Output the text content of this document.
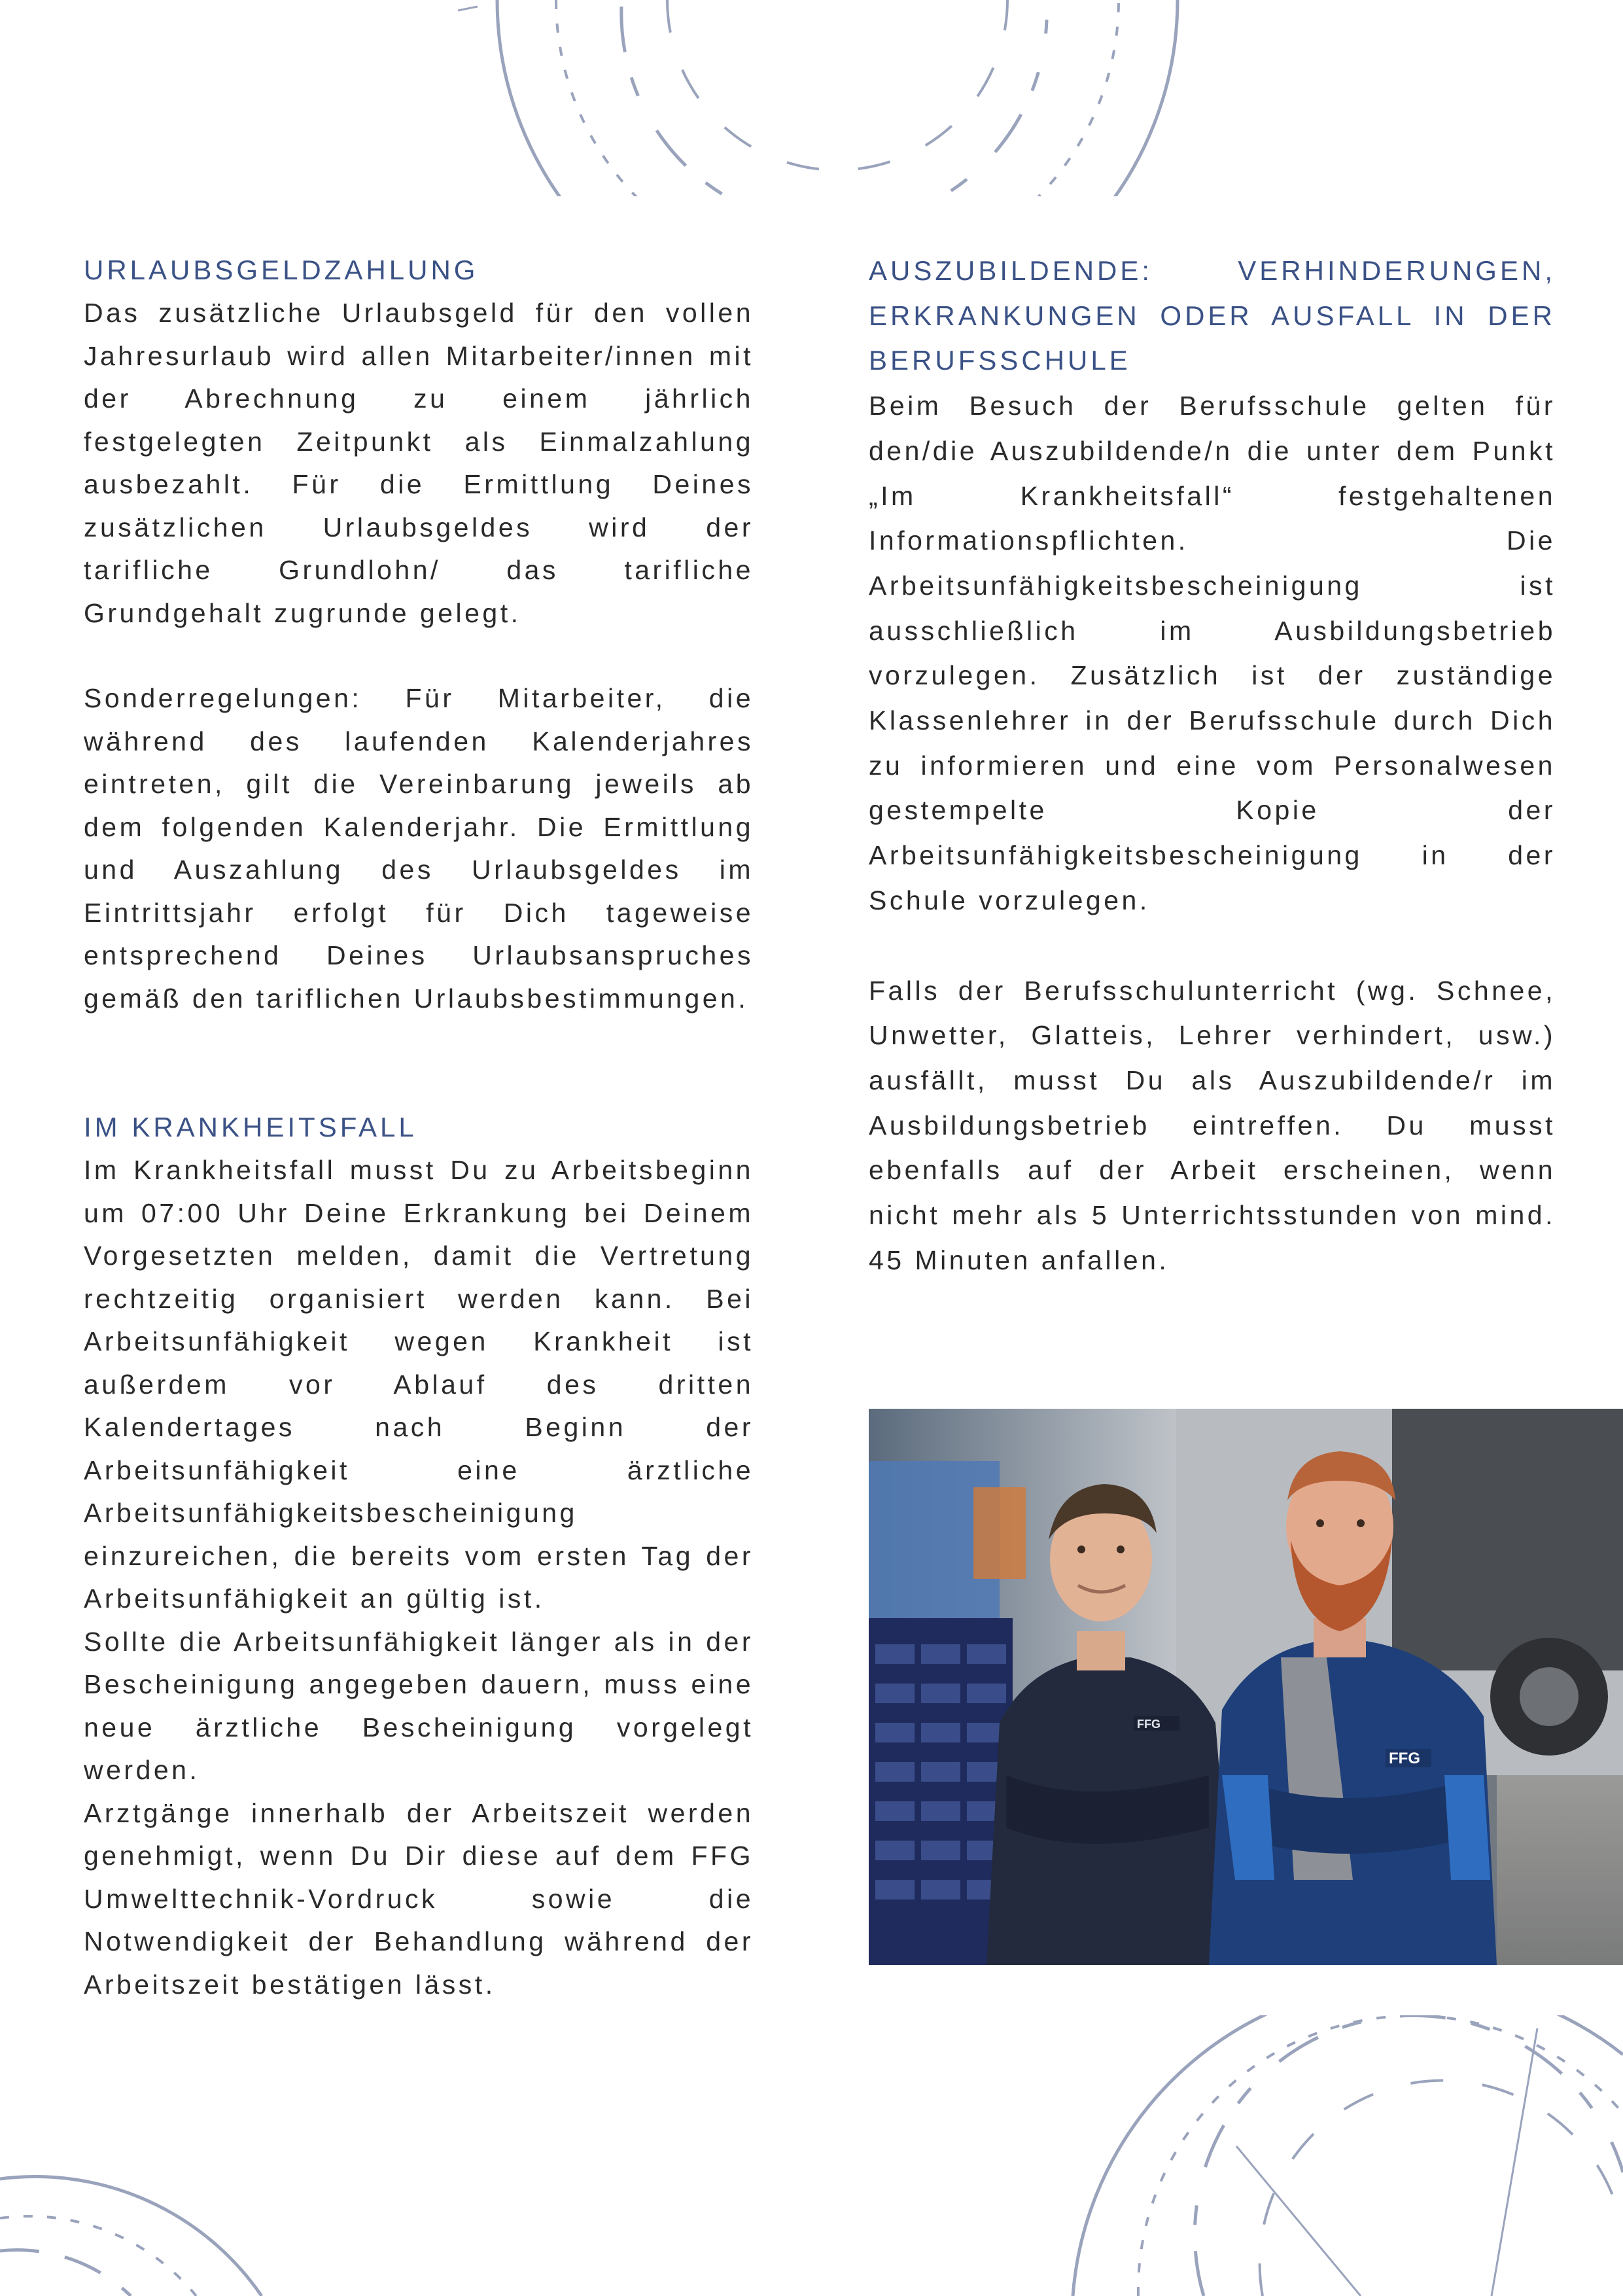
URLAUBSGELDZAHLUNG

Das zusätzliche Urlaubsgeld für den vollen Jahresurlaub wird allen Mitarbeiter/innen mit der Abrechnung zu einem jährlich festgelegten Zeitpunkt als Einmalzahlung ausbezahlt. Für die Ermittlung Deines zusätzlichen Urlaubsgeldes wird der tarifliche Grundlohn/ das tarifliche Grundgehalt zugrunde gelegt.

Sonderregelungen: Für Mitarbeiter, die während des laufenden Kalenderjahres eintreten, gilt die Vereinbarung jeweils ab dem folgenden Kalenderjahr. Die Ermittlung und Auszahlung des Urlaubsgeldes im Eintrittsjahr erfolgt für Dich tageweise entsprechend Deines Urlaubsanspruches gemäß den tariflichen Urlaubsbestimmungen.

IM KRANKHEITSFALL

Im Krankheitsfall musst Du zu Arbeitsbeginn um 07:00 Uhr Deine Erkrankung bei Deinem Vorgesetzten melden, damit die Vertretung rechtzeitig organisiert werden kann. Bei Arbeitsunfähigkeit wegen Krankheit ist außerdem vor Ablauf des dritten Kalendertages nach Beginn der Arbeitsunfähigkeit eine ärztliche Arbeitsunfähigkeitsbescheinigung einzureichen, die bereits vom ersten Tag der Arbeitsunfähigkeit an gültig ist.

Sollte die Arbeitsunfähigkeit länger als in der Bescheinigung angegeben dauern, muss eine neue ärztliche Bescheinigung vorgelegt werden.

Arztgänge innerhalb der Arbeitszeit werden genehmigt, wenn Du Dir diese auf dem FFG Umwelttechnik-Vordruck sowie die Notwendigkeit der Behandlung während der Arbeitszeit bestätigen lässt.

AUSZUBILDENDE: VERHINDERUNGEN, ERKRANKUNGEN ODER AUSFALL IN DER BERUFSSCHULE

Beim Besuch der Berufsschule gelten für den/die Auszubildende/n die unter dem Punkt „Im Krankheitsfall“ festgehaltenen Informationspflichten. Die Arbeitsunfähigkeitsbescheinigung ist ausschließlich im Ausbildungsbetrieb vorzulegen. Zusätzlich ist der zuständige Klassenlehrer in der Berufsschule durch Dich zu informieren und eine vom Personalwesen gestempelte Kopie der Arbeitsunfähigkeitsbescheinigung in der Schule vorzulegen.

Falls der Berufsschulunterricht (wg. Schnee, Unwetter, Glatteis, Lehrer verhindert, usw.) ausfällt, musst Du als Auszubildende/r im Ausbildungsbetrieb eintreffen. Du musst ebenfalls auf der Arbeit erscheinen, wenn nicht mehr als 5 Unterrichtsstunden von mind. 45 Minuten anfallen.

FFG
FFG
